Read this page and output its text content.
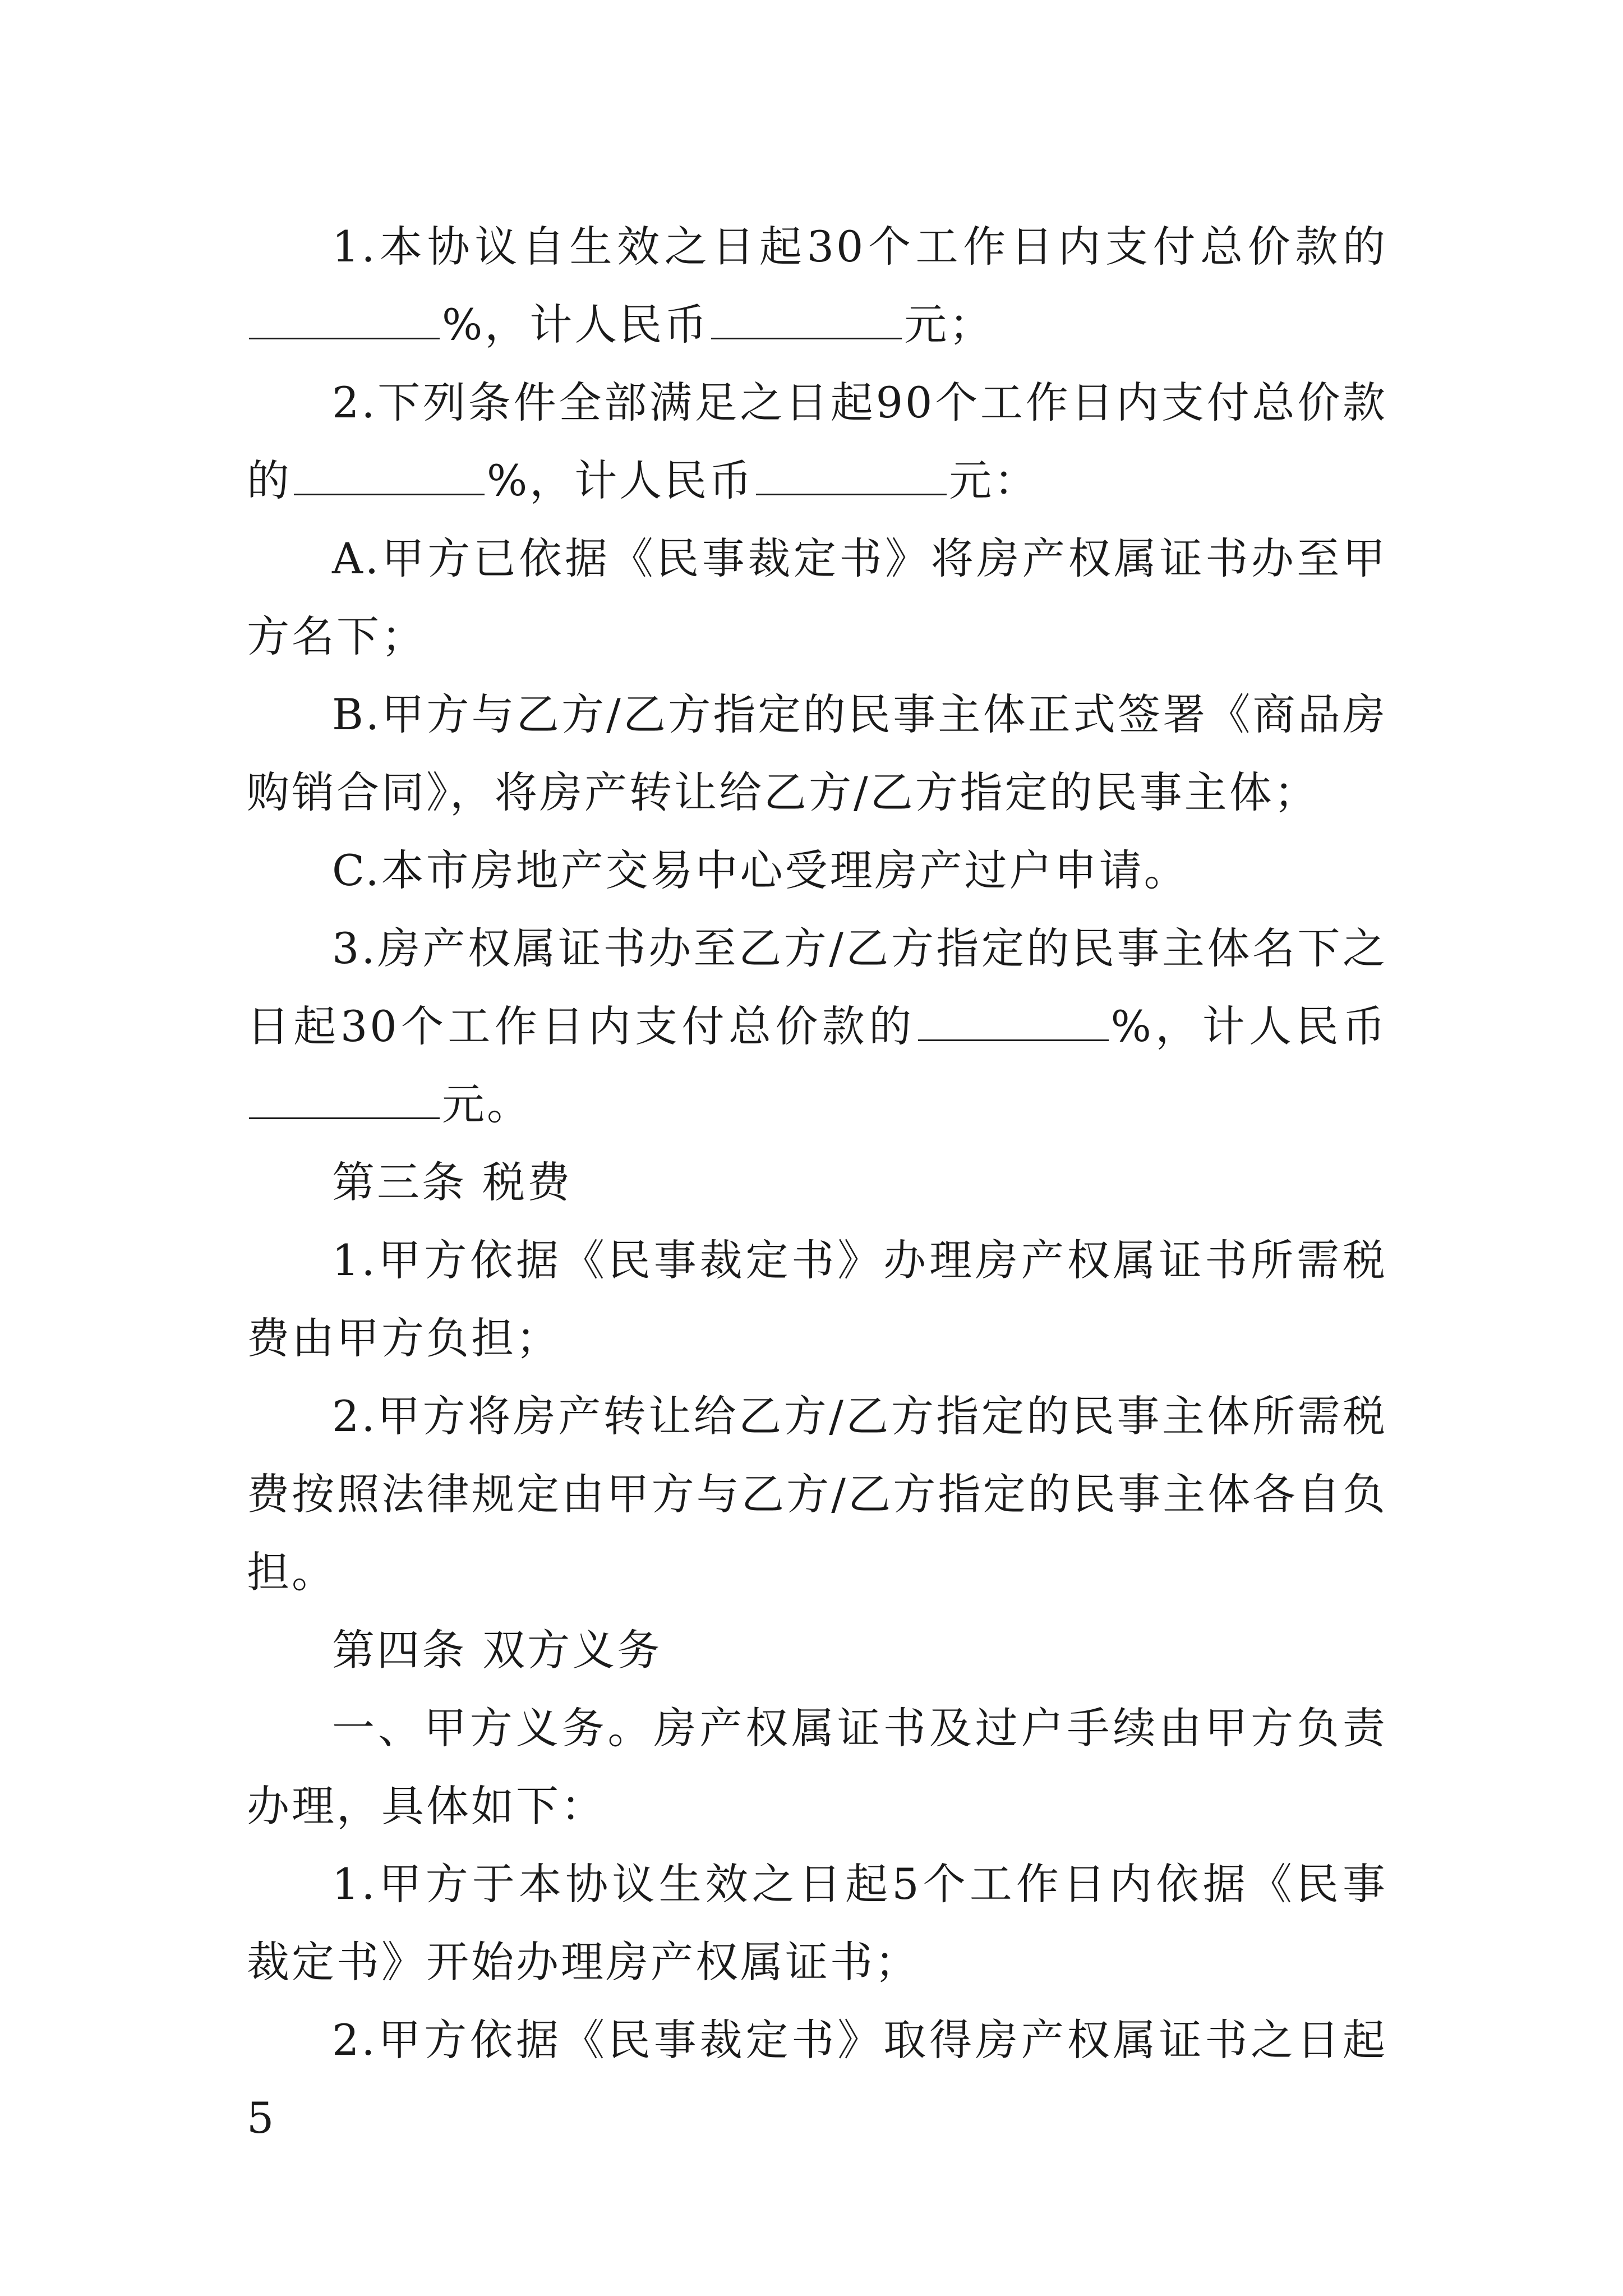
1.本协议自生效之日起30个工作日内支付总价款的%，计人民币	元；

2.下列条件全部满足之日起90个工作日内支付总价款的	%，计人民币	元：

A.甲方已依据《民事裁定书》将房产权属证书办至甲方名下；

B.甲方与乙方/乙方指定的民事主体正式签署《商品房购销合同》，将房产转让给乙方/乙方指定的民事主体；

C.本市房地产交易中心受理房产过户申请。

3.房产权属证书办至乙方/乙方指定的民事主体名下之日起30个工作日内支付总价款的	%，计人民币元。

第三条 税费

1.甲方依据《民事裁定书》办理房产权属证书所需税费由甲方负担；

2.甲方将房产转让给乙方/乙方指定的民事主体所需税费按照法律规定由甲方与乙方/乙方指定的民事主体各自负担。

第四条 双方义务

一、甲方义务。房产权属证书及过户手续由甲方负责办理，具体如下：

1.甲方于本协议生效之日起5个工作日内依据《民事裁定书》开始办理房产权属证书；

2.甲方依据《民事裁定书》取得房产权属证书之日起5
